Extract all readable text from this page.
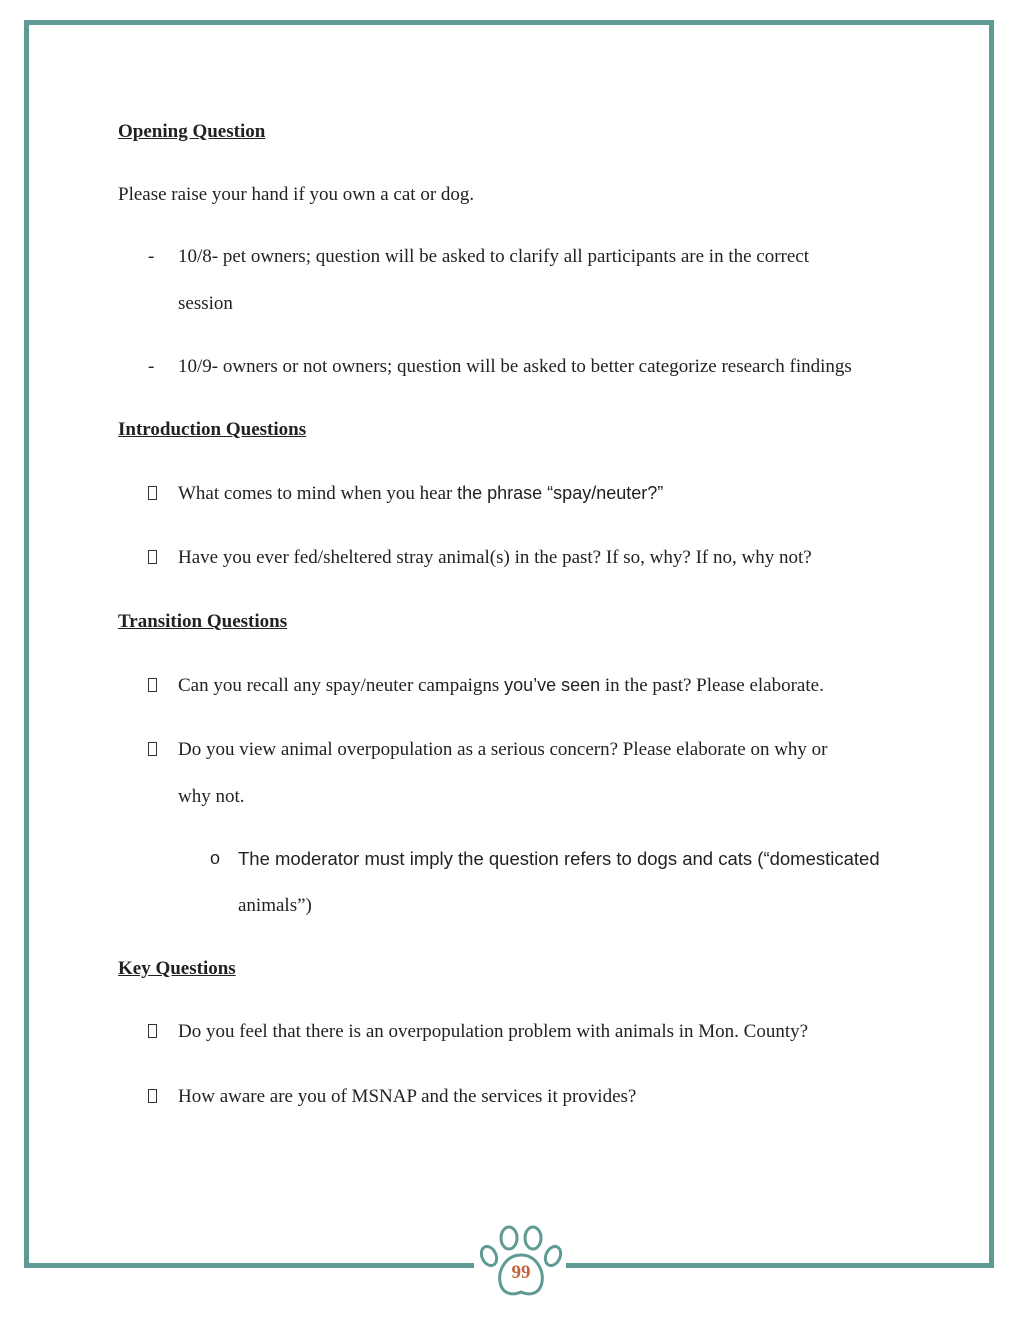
Opening Question
Please raise your hand if you own a cat or dog.
- 10/8- pet owners; question will be asked to clarify all participants are in the correct
session
- 10/9- owners or not owners; question will be asked to better categorize research findings
Introduction Questions
What comes to mind when you hear the phrase “spay/neuter?”
Have you ever fed/sheltered stray animal(s) in the past? If so, why? If no, why not?
Transition Questions
Can you recall any spay/neuter campaigns you’ve seen in the past? Please elaborate.
Do you view animal overpopulation as a serious concern? Please elaborate on why or
why not.
o The moderator must imply the question refers to dogs and cats (“domesticated
animals”)
Key Questions
Do you feel that there is an overpopulation problem with animals in Mon. County?
How aware are you of MSNAP and the services it provides?
99
